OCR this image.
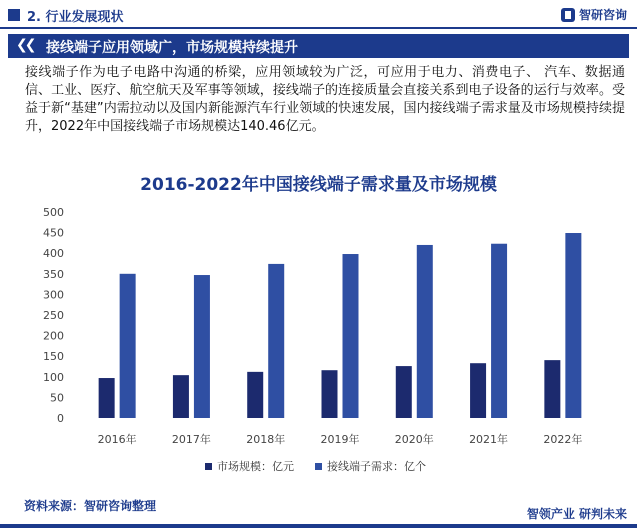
2. 行业发展现状	智研咨询
❮❮ 接线端子应用领域广，市场规模持续提升
接线端子作为电子电路中沟通的桥梁，应用领域较为广泛，可应用于电力、消费电子、 汽车、数据通信、工业、医疗、航空航天及军事等领域，接线端子的连接质量会直接关系到电子设备的运行与效率。受益于新“基建”内需拉动以及国内新能源汽车行业领域的快速发展，国内接线端子需求量及市场规模持续提升，2022年中国接线端子市场规模达140.46亿元。
2016-2022年中国接线端子需求量及市场规模
0
50
100
150
200
250
300
350
400
450
500
2016年	2017年	2018年	2019年	2020年	2021年	2022年
市场规模：亿元	接线端子需求：亿个
资料来源：智研咨询整理
智领产业 研判未来
